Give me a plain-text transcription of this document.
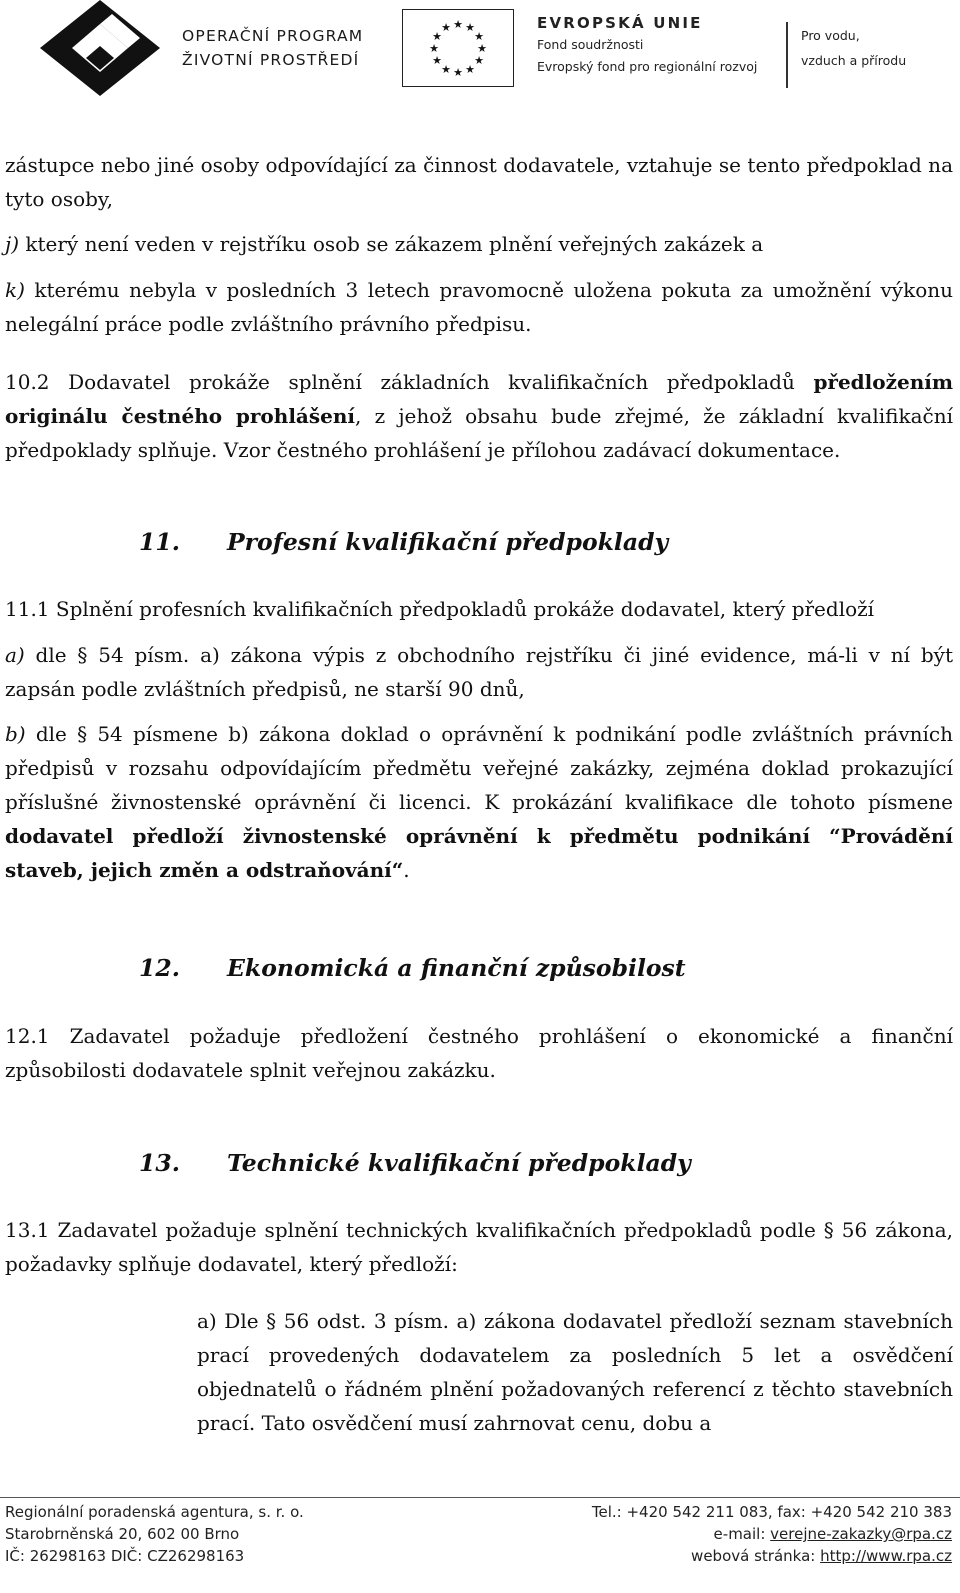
OPERAČNÍ PROGRAM
ŽIVOTNÍ PROSTŘEDÍ
★ ★
★
★
★
★
★
★
★
★
★
★	EVROPSKÁ UNIE
Fond soudržnosti
Evropský fond pro regionální rozvoj
Pro vodu,
vzduch a přírodu

zástupce nebo jiné osoby odpovídající za činnost dodavatele, vztahuje se tento předpoklad na tyto osoby,

j) který není veden v rejstříku osob se zákazem plnění veřejných zakázek a

k) kterému nebyla v posledních 3 letech pravomocně uložena pokuta za umožnění výkonu nelegální práce podle zvláštního právního předpisu.

10.2 Dodavatel prokáže splnění základních kvalifikačních předpokladů předložením originálu čestného prohlášení, z jehož obsahu bude zřejmé, že základní kvalifikační předpoklady splňuje. Vzor čestného prohlášení je přílohou zadávací dokumentace.

11. Profesní kvalifikační předpoklady

11.1 Splnění profesních kvalifikačních předpokladů prokáže dodavatel, který předloží

a) dle § 54 písm. a) zákona výpis z obchodního rejstříku či jiné evidence, má-li v ní být zapsán podle zvláštních předpisů, ne starší 90 dnů,

b) dle § 54 písmene b) zákona doklad o oprávnění k podnikání podle zvláštních právních předpisů v rozsahu odpovídajícím předmětu veřejné zakázky, zejména doklad prokazující příslušné živnostenské oprávnění či licenci. K prokázání kvalifikace dle tohoto písmene dodavatel předloží živnostenské oprávnění k předmětu podnikání “Provádění staveb, jejich změn a odstraňování“.

12. Ekonomická a finanční způsobilost

12.1 Zadavatel požaduje předložení čestného prohlášení o ekonomické a finanční způsobilosti dodavatele splnit veřejnou zakázku.

13. Technické kvalifikační předpoklady

13.1 Zadavatel požaduje splnění technických kvalifikačních předpokladů podle § 56 zákona, požadavky splňuje dodavatel, který předloží:

a) Dle § 56 odst. 3 písm. a) zákona dodavatel předloží seznam stavebních prací provedených dodavatelem za posledních 5 let a osvědčení objednatelů o řádném plnění požadovaných referencí z těchto stavebních prací. Tato osvědčení musí zahrnovat cenu, dobu a

Regionální poradenská agentura, s. r. o.
Starobrněnská 20, 602 00 Brno
IČ: 26298163 DIČ: CZ26298163
Tel.: +420 542 211 083, fax: +420 542 210 383
e-mail: verejne-zakazky@rpa.cz
webová stránka: http://www.rpa.cz
